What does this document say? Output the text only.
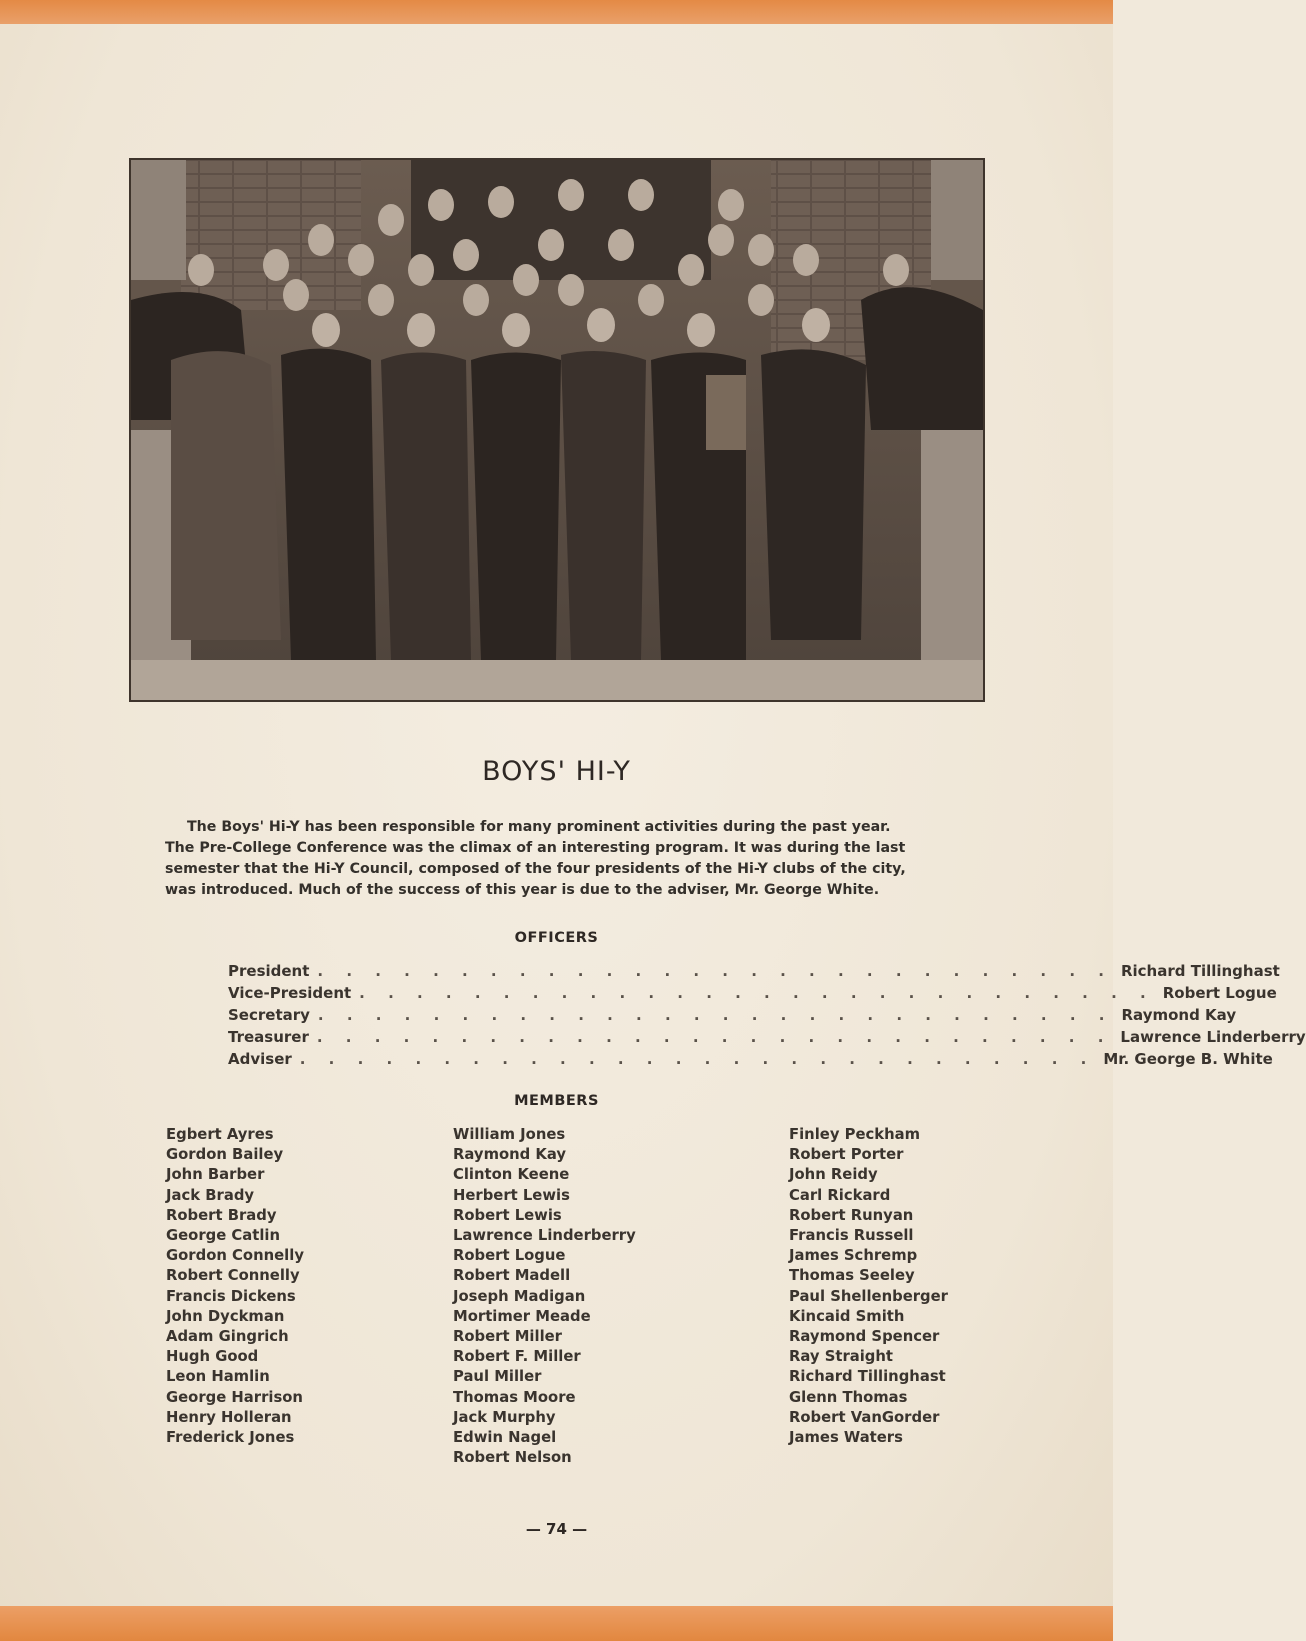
BOYS' HI-Y
The Boys' Hi-Y has been responsible for many prominent activities during the past year.
The Pre-College Conference was the climax of an interesting program. It was during the last
semester that the Hi-Y Council, composed of the four presidents of the Hi-Y clubs of the city,
was introduced. Much of the success of this year is due to the adviser, Mr. George White.
OFFICERS
President . . . . . . . . . . . . . . . . . . . . . . . . . . . . Richard Tillinghast
Vice-President . . . . . . . . . . . . . . . . . . . . . . . . . . . . Robert Logue
Secretary . . . . . . . . . . . . . . . . . . . . . . . . . . . . Raymond Kay
Treasurer . . . . . . . . . . . . . . . . . . . . . . . . . . . . Lawrence Linderberry
Adviser . . . . . . . . . . . . . . . . . . . . . . . . . . . . Mr. George B. White
MEMBERS
Egbert Ayres
Gordon Bailey
John Barber
Jack Brady
Robert Brady
George Catlin
Gordon Connelly
Robert Connelly
Francis Dickens
John Dyckman
Adam Gingrich
Hugh Good
Leon Hamlin
George Harrison
Henry Holleran
Frederick Jones
William Jones
Raymond Kay
Clinton Keene
Herbert Lewis
Robert Lewis
Lawrence Linderberry
Robert Logue
Robert Madell
Joseph Madigan
Mortimer Meade
Robert Miller
Robert F. Miller
Paul Miller
Thomas Moore
Jack Murphy
Edwin Nagel
Robert Nelson
Finley Peckham
Robert Porter
John Reidy
Carl Rickard
Robert Runyan
Francis Russell
James Schremp
Thomas Seeley
Paul Shellenberger
Kincaid Smith
Raymond Spencer
Ray Straight
Richard Tillinghast
Glenn Thomas
Robert VanGorder
James Waters
— 74 —
